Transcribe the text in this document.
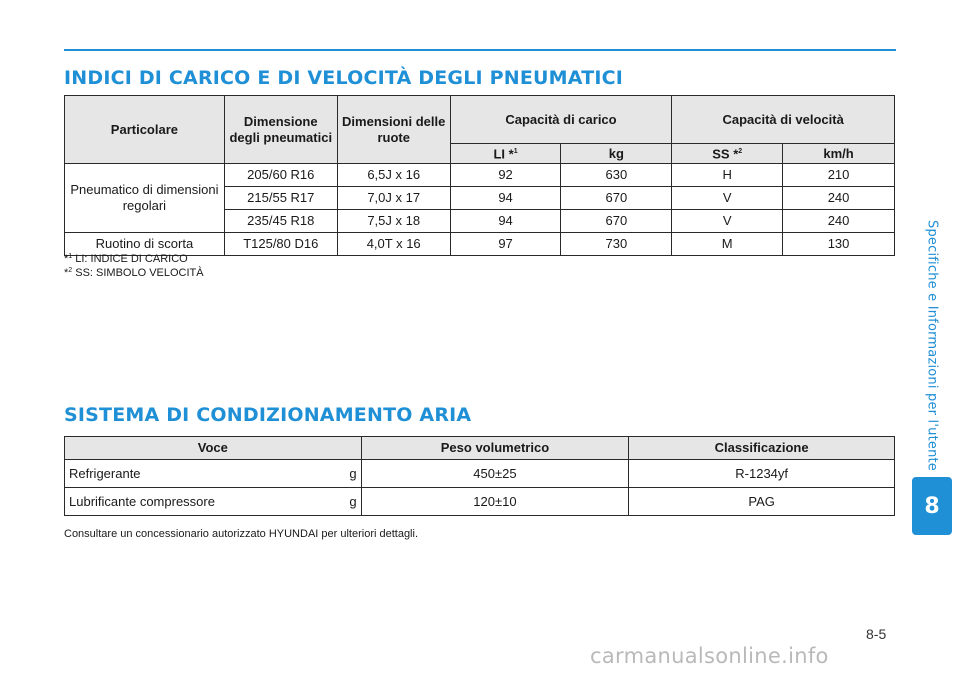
INDICI DI CARICO E DI VELOCITÀ DEGLI PNEUMATICI
Particolare	Dimensione degli pneumatici	Dimensioni delle ruote	Capacità di carico		Capacità di velocità	
			LI *$^1$	kg	SS *$^2$	km/h
Pneumatico di dimensioni regolari	205/60 R16	6,5J x 16	92	630	H	210
	215/55 R17	7,0J x 17	94	670	V	240
	235/45 R18	7,5J x 18	94	670	V	240
Ruotino di scorta	T125/80 D16	4,0T x 16	97	730	M	130
*$^1$ LI: INDICE DI CARICO
*$^2$ SS: SIMBOLO VELOCITÀ
SISTEMA DI CONDIZIONAMENTO ARIA
Voce	Peso volumetrico	Classificazione

Refrigerante g	450±25	R-1234yf

Lubrificante compressore g	120±10	PAG
Consultare un concessionario autorizzato HYUNDAI per ulteriori dettagli.
Specifiche e Informazioni per l'utente
8
8-5
carmanualsonline.info
